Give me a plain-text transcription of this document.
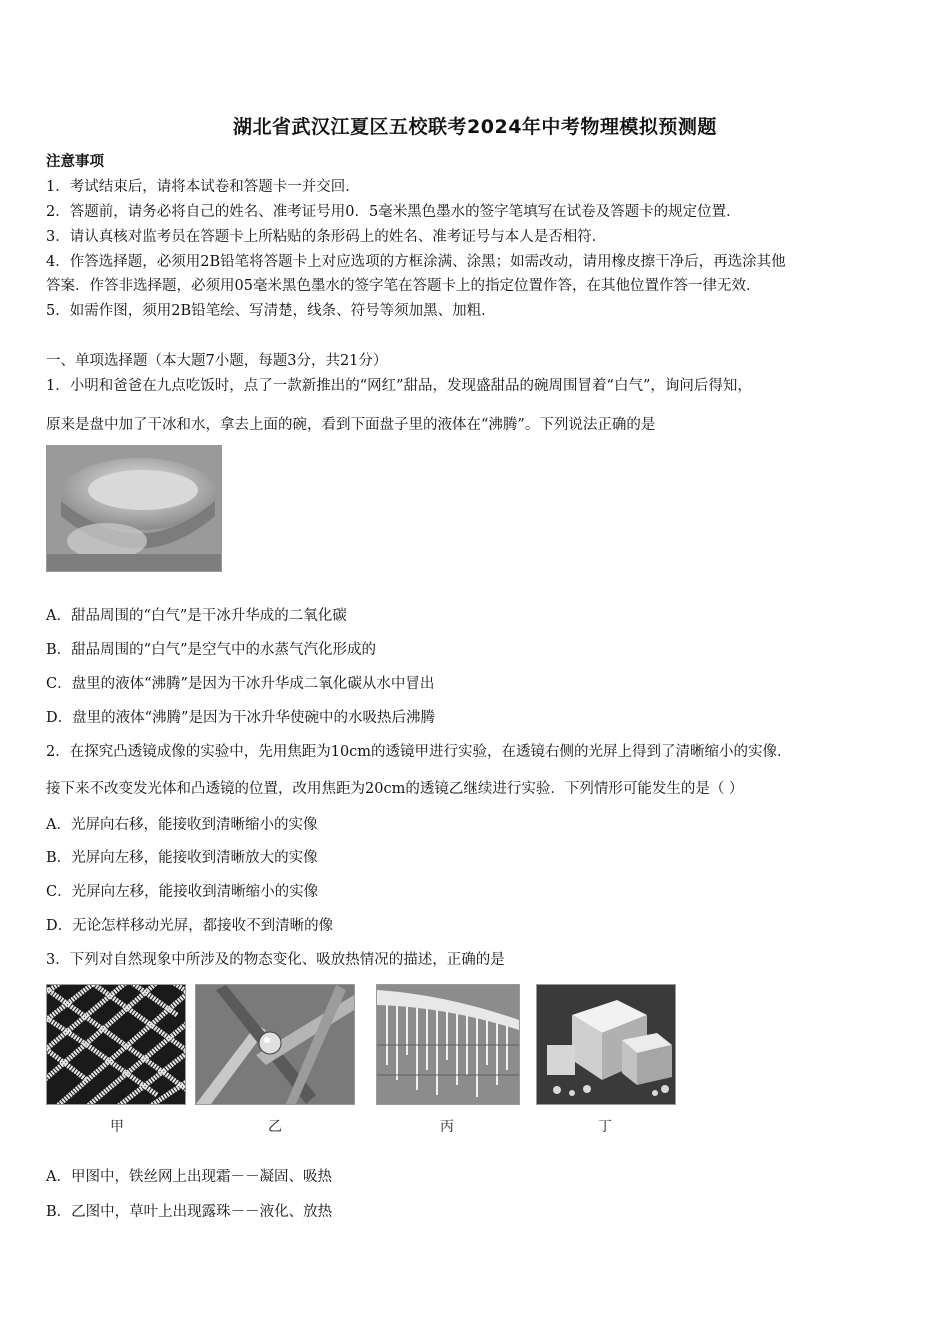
湖北省武汉江夏区五校联考2024年中考物理模拟预测题
注意事项
1．考试结束后，请将本试卷和答题卡一并交回．
2．答题前，请务必将自己的姓名、准考证号用0．5毫米黑色墨水的签字笔填写在试卷及答题卡的规定位置．
3．请认真核对监考员在答题卡上所粘贴的条形码上的姓名、准考证号与本人是否相符．
4．作答选择题，必须用2B铅笔将答题卡上对应选项的方框涂满、涂黑；如需改动，请用橡皮擦干净后，再选涂其他
答案．作答非选择题，必须用05毫米黑色墨水的签字笔在答题卡上的指定位置作答，在其他位置作答一律无效．
5．如需作图，须用2B铅笔绘、写清楚，线条、符号等须加黑、加粗．
一、单项选择题（本大题7小题，每题3分，共21分）
1．小明和爸爸在九点吃饭时，点了一款新推出的“网红”甜品，发现盛甜品的碗周围冒着“白气”，询问后得知，
原来是盘中加了干冰和水，拿去上面的碗，看到下面盘子里的液体在“沸腾”。下列说法正确的是
A．甜品周围的“白气”是干冰升华成的二氧化碳
B．甜品周围的“白气”是空气中的水蒸气汽化形成的
C．盘里的液体“沸腾”是因为干冰升华成二氧化碳从水中冒出
D．盘里的液体“沸腾”是因为干冰升华使碗中的水吸热后沸腾
2．在探究凸透镜成像的实验中，先用焦距为10cm的透镜甲进行实验，在透镜右侧的光屏上得到了清晰缩小的实像．
接下来不改变发光体和凸透镜的位置，改用焦距为20cm的透镜乙继续进行实验．下列情形可能发生的是（ ）
A．光屏向右移，能接收到清晰缩小的实像
B．光屏向左移，能接收到清晰放大的实像
C．光屏向左移，能接收到清晰缩小的实像
D．无论怎样移动光屏，都接收不到清晰的像
3．下列对自然现象中所涉及的物态变化、吸放热情况的描述，正确的是
甲	乙	丙	丁
A．甲图中，铁丝网上出现霜－－凝固、吸热
B．乙图中，草叶上出现露珠－－液化、放热
